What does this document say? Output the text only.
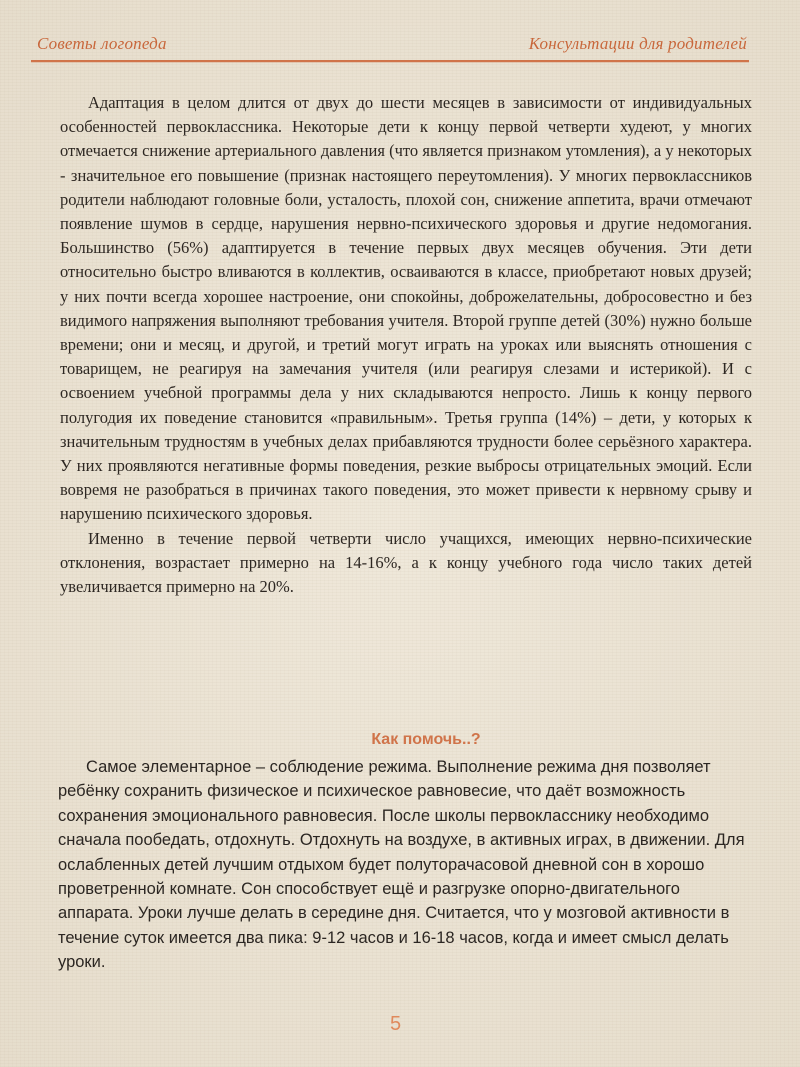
Советы логопеда	Консультации для родителей

Адаптация в целом длится от двух до шести месяцев в зависимости от индивидуальных особенностей первоклассника. Некоторые дети к концу первой четверти худеют, у многих отмечается снижение артериального давления (что является признаком утомления), а у некоторых - значительное его повышение (признак настоящего переутомления). У многих первоклассников родители наблюдают головные боли, усталость, плохой сон, снижение аппетита, врачи отмечают появление шумов в сердце, нарушения нервно-психического здоровья и другие недомогания. Большинство (56%) адаптируется в течение первых двух месяцев обучения. Эти дети относительно быстро вливаются в коллектив, осваиваются в классе, приобретают новых друзей; у них почти всегда хорошее настроение, они спокойны, доброжелательны, добросовестно и без видимого напряжения выполняют требования учителя. Второй группе детей (30%) нужно больше времени; они и месяц, и другой, и третий могут играть на уроках или выяснять отношения с товарищем, не реагируя на замечания учителя (или реагируя слезами и истерикой). И с освоением учебной программы дела у них складываются непросто. Лишь к концу первого полугодия их поведение становится «правильным». Третья группа (14%) – дети, у которых к значительным трудностям в учебных делах прибавляются трудности более серьёзного характера. У них проявляются негативные формы поведения, резкие выбросы отрицательных эмоций. Если вовремя не разобраться в причинах такого поведения, это может привести к нервному срыву и нарушению психического здоровья.

Именно в течение первой четверти число учащихся, имеющих нервно-психические отклонения, возрастает примерно на 14-16%, а к концу учебного года число таких детей увеличивается примерно на 20%.

Как помочь..?

Самое элементарное – соблюдение режима. Выполнение режима дня позволяет ребёнку сохранить физическое и психическое равновесие, что даёт возможность сохранения эмоционального равновесия. После школы первокласснику необходимо сначала пообедать, отдохнуть. Отдохнуть на воздухе, в активных играх, в движении. Для ослабленных детей лучшим отдыхом будет полуторачасовой дневной сон в хорошо проветренной комнате. Сон способствует ещё и разгрузке опорно-двигательного аппарата. Уроки лучше делать в середине дня. Считается, что у мозговой активности в течение суток имеется два пика: 9-12 часов и 16-18 часов, когда и имеет смысл делать уроки.

5
